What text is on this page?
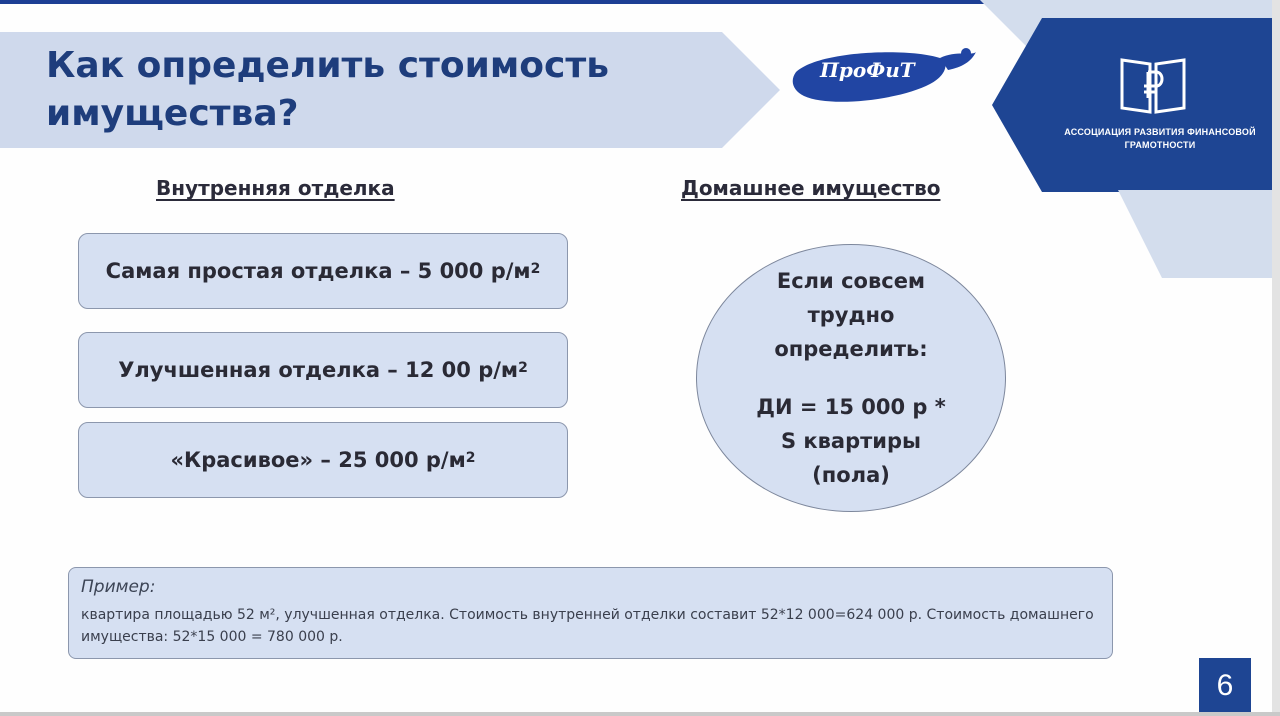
Как определить стоимость имущества?
ПроФиТ
АССОЦИАЦИЯ РАЗВИТИЯ ФИНАНСОВОЙ ГРАМОТНОСТИ
Внутренняя отделка	Домашнее имущество
Самая простая отделка – 5 000 $р/м^2$
Улучшенная отделка – 12 00 $р/м^2$
«Красивое» – 25 000 $р/м^2$
Если совсем
трудно
определить:
ДИ = 15 000 р *
S квартиры
(пола)

Пример:

квартира площадью 52 м², улучшенная отделка. Стоимость внутренней отделки составит 52*12 000=624 000 р. Стоимость домашнего имущества: 52*15 000 = 780 000 р.
6
